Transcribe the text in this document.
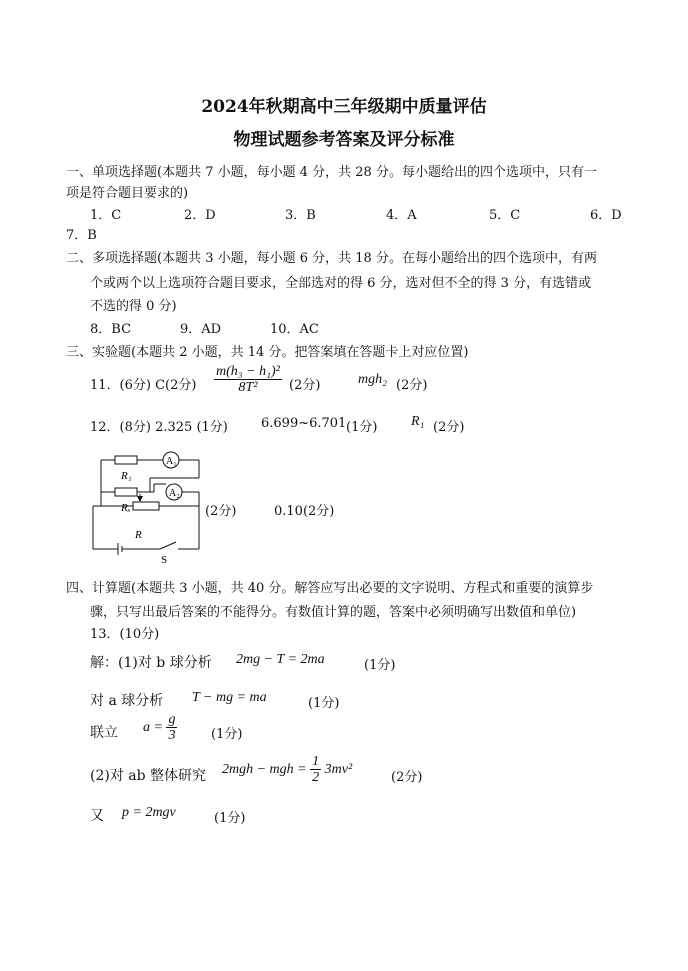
2024年秋期高中三年级期中质量评估
物理试题参考答案及评分标准
一、单项选择题(本题共 7 小题，每小题 4 分，共 28 分。每小题给出的四个选项中，只有一
项是符合题目要求的)
1．C	2．D	3．B	4．A	5．C	6．D
7．B
二、多项选择题(本题共 3 小题，每小题 6 分，共 18 分。在每小题给出的四个选项中，有两
个或两个以上选项符合题目要求，全部选对的得 6 分，选对但不全的得 3 分，有选错或
不选的得 0 分)
8．BC	9．AD	10．AC
三、实验题(本题共 2 小题，共 14 分。把答案填在答题卡上对应位置)
11．(6分) C(2分) $\frac{\text{m(h₃ − h₁)²}}{\text{8T²}} (2$分)	mgh₂ (2分)
12．(8分) 2.325 (1分)	6.699~6.701 (1分) R₁ (2分)
A₁
A₂
R₁
Rₓ
R
S
(2分)	0.10(2分)
四、计算题(本题共 3 小题，共 40 分。解答应写出必要的文字说明、方程式和重要的演算步
骤，只写出最后答案的不能得分。有数值计算的题，答案中必须明确写出数值和单位)
13．(10分)
解：(1)对 b 球分析 2mg − T = 2ma	(1分)
对 a 球分析 T − mg = ma	(1分)
联立 $a = \frac{g}{3}$	(1分)
(2)对 ab 整体研究 2mgh − mgh = $\frac{1}{2} 3mv^2$
(2分)
又 p = 2mgv	(1分)
